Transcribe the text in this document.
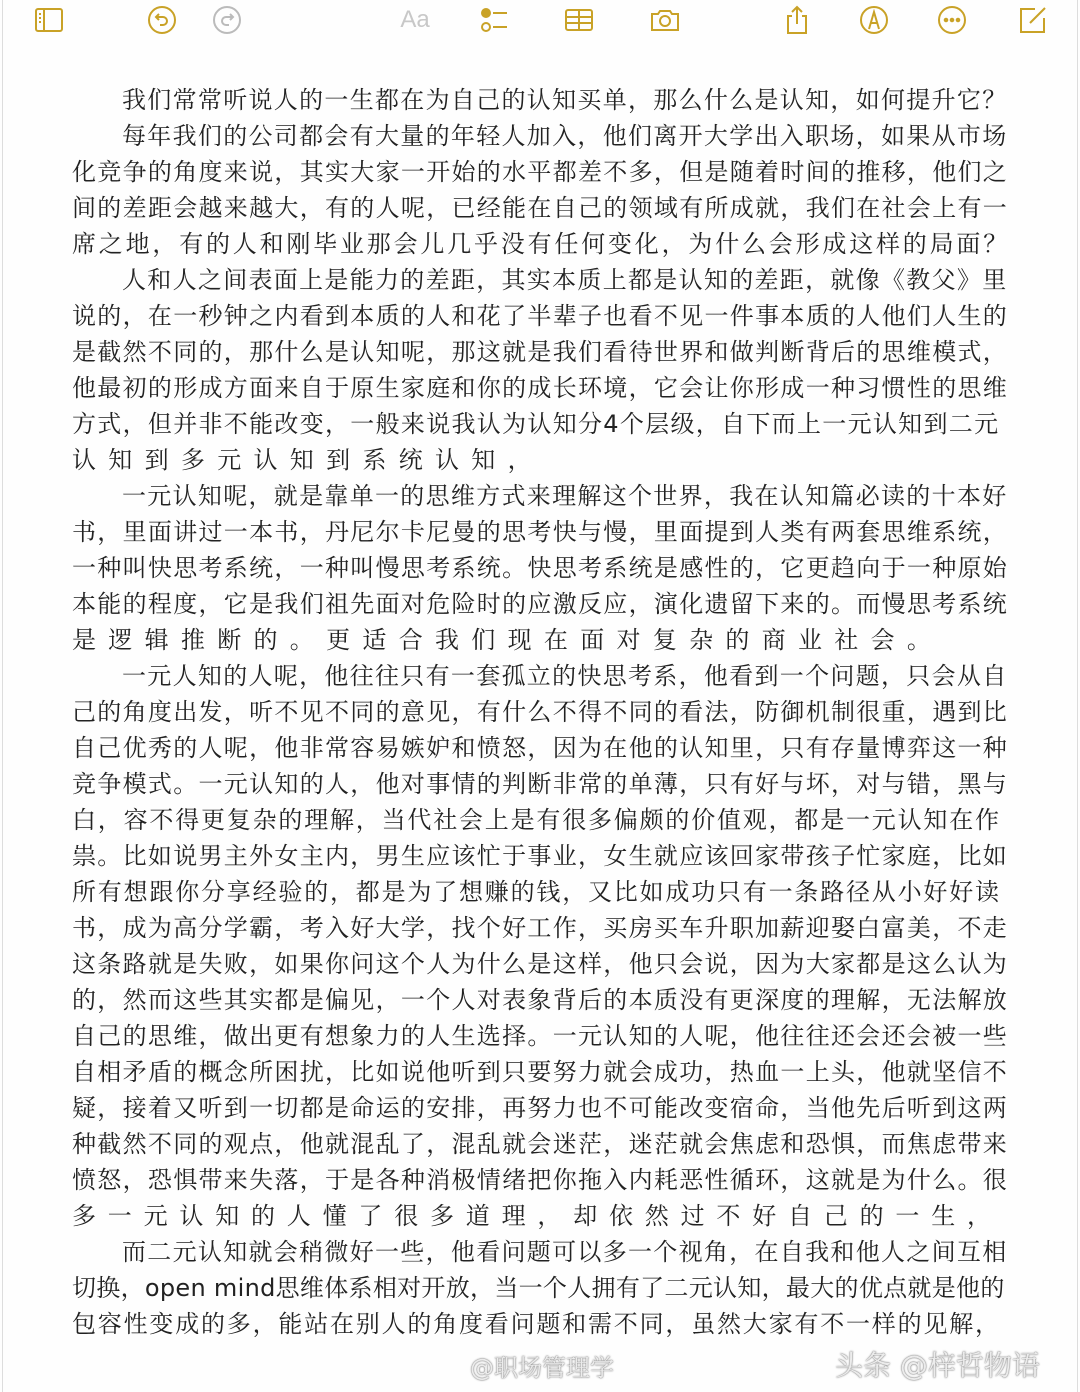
Aa
我们常常听说人的一生都在为自己的认知买单，那么什么是认知，如何提升它？
每年我们的公司都会有大量的年轻人加入，他们离开大学出入职场，如果从市场
化竞争的角度来说，其实大家一开始的水平都差不多，但是随着时间的推移，他们之
间的差距会越来越大，有的人呢，已经能在自己的领域有所成就，我们在社会上有一
席之地，有的人和刚毕业那会儿几乎没有任何变化，为什么会形成这样的局面？
人和人之间表面上是能力的差距，其实本质上都是认知的差距，就像《教父》里
说的，在一秒钟之内看到本质的人和花了半辈子也看不见一件事本质的人他们人生的
是截然不同的，那什么是认知呢，那这就是我们看待世界和做判断背后的思维模式，
他最初的形成方面来自于原生家庭和你的成长环境，它会让你形成一种习惯性的思维
方式，但并非不能改变，一般来说我认为认知分4个层级，自下而上一元认知到二元
认知到多元认知到系统认知，
一元认知呢，就是靠单一的思维方式来理解这个世界，我在认知篇必读的十本好
书，里面讲过一本书，丹尼尔卡尼曼的思考快与慢，里面提到人类有两套思维系统，
一种叫快思考系统，一种叫慢思考系统。快思考系统是感性的，它更趋向于一种原始
本能的程度，它是我们祖先面对危险时的应激反应，演化遗留下来的。而慢思考系统
是逻辑推断的。更适合我们现在面对复杂的商业社会。
一元人知的人呢，他往往只有一套孤立的快思考系，他看到一个问题，只会从自
己的角度出发，听不见不同的意见，有什么不得不同的看法，防御机制很重，遇到比
自己优秀的人呢，他非常容易嫉妒和愤怒，因为在他的认知里，只有存量博弈这一种
竞争模式。一元认知的人，他对事情的判断非常的单薄，只有好与坏，对与错，黑与
白，容不得更复杂的理解，当代社会上是有很多偏颇的价值观，都是一元认知在作
祟。比如说男主外女主内，男生应该忙于事业，女生就应该回家带孩子忙家庭，比如
所有想跟你分享经验的，都是为了想赚的钱，又比如成功只有一条路径从小好好读
书，成为高分学霸，考入好大学，找个好工作，买房买车升职加薪迎娶白富美，不走
这条路就是失败，如果你问这个人为什么是这样，他只会说，因为大家都是这么认为
的，然而这些其实都是偏见，一个人对表象背后的本质没有更深度的理解，无法解放
自己的思维，做出更有想象力的人生选择。一元认知的人呢，他往往还会还会被一些
自相矛盾的概念所困扰，比如说他听到只要努力就会成功，热血一上头，他就坚信不
疑，接着又听到一切都是命运的安排，再努力也不可能改变宿命，当他先后听到这两
种截然不同的观点，他就混乱了，混乱就会迷茫，迷茫就会焦虑和恐惧，而焦虑带来
愤怒，恐惧带来失落，于是各种消极情绪把你拖入内耗恶性循环，这就是为什么。很
多一元认知的人懂了很多道理，却依然过不好自己的一生，
而二元认知就会稍微好一些，他看问题可以多一个视角，在自我和他人之间互相
切换，open mind思维体系相对开放，当一个人拥有了二元认知，最大的优点就是他的
包容性变成的多，能站在别人的角度看问题和需不同，虽然大家有不一样的见解，
@职场管理学	头条 @梓哲物语
